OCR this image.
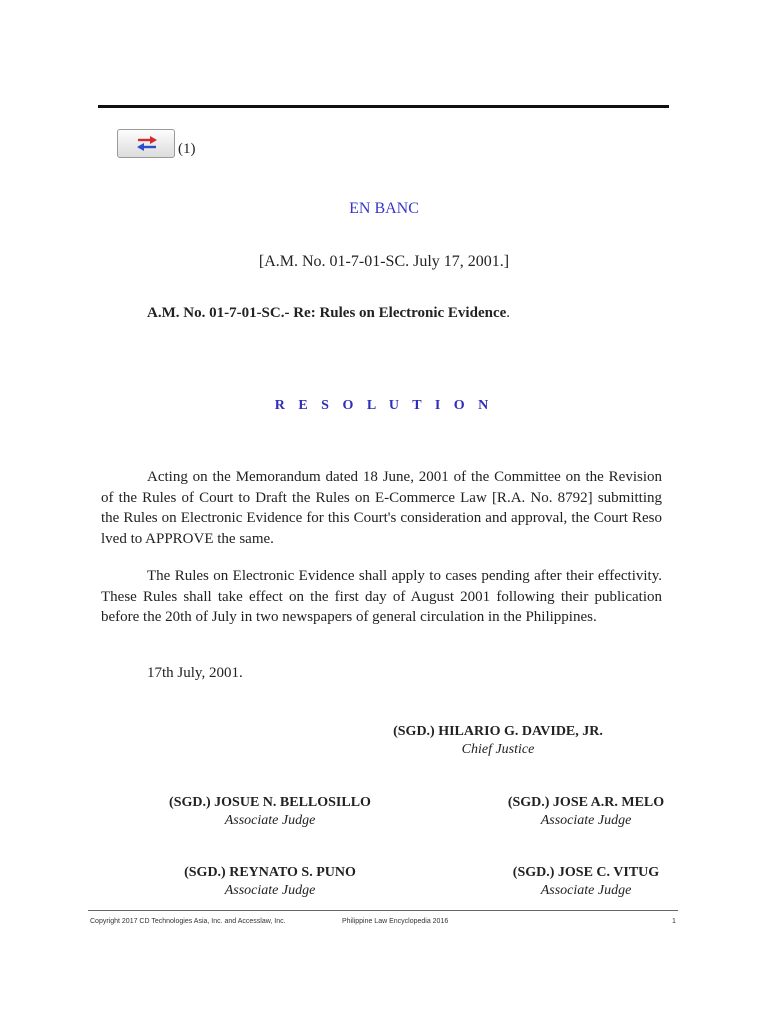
(1)
EN BANC
[A.M. No. 01-7-01-SC. July 17, 2001.]
A.M. No. 01-7-01-SC.- Re: Rules on Electronic Evidence.
R E S O L U T I O N

Acting on the Memorandum dated 18 June, 2001 of the Committee on the Revision of the Rules of Court to Draft the Rules on E-Commerce Law [R.A. No. 8792] submitting the Rules on Electronic Evidence for this Court's consideration and approval, the Court Reso lved to APPROVE the same.

The Rules on Electronic Evidence shall apply to cases pending after their effectivity. These Rules shall take effect on the first day of August 2001 following their publication before the 20th of July in two newspapers of general circulation in the Philippines.

17th July, 2001.
(SGD.) HILARIO G. DAVIDE, JR.
Chief Justice
(SGD.) JOSUE N. BELLOSILLO
Associate Judge
(SGD.) JOSE A.R. MELO
Associate Judge
(SGD.) REYNATO S. PUNO
Associate Judge
(SGD.) JOSE C. VITUG
Associate Judge
Copyright 2017 CD Technologies Asia, Inc. and Accesslaw, Inc.	Philippine Law Encyclopedia 2016	1
